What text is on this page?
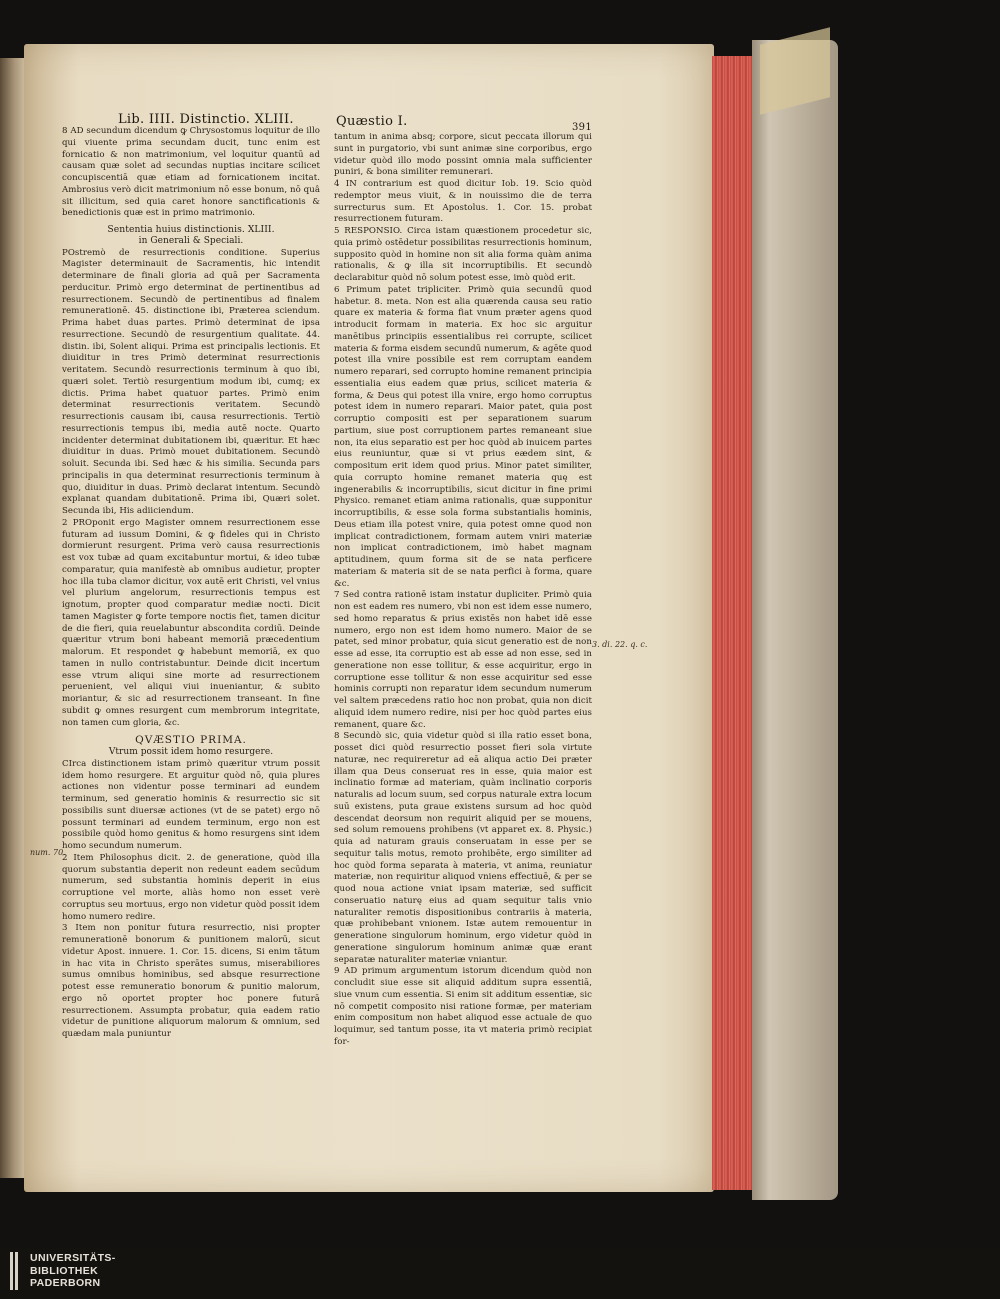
Lib. IIII. Distinctio. XLIII.	Quæstio I.	391

8 AD secundum dicendum ꝙ Chrysostomus loquitur de illo qui viuente prima secundam ducit, tunc enim est fornicatio & non matrimonium, vel loquitur quantū ad causam quæ solet ad secundas nuptias incitare scilicet concupiscentiā quæ etiam ad fornicationem incitat. Ambrosius verò dicit matrimonium nō esse bonum, nō quâ sit illicitum, sed quia caret honore sanctificationis & benedictionis quæ est in primo matrimonio.

Sententia huius distinctionis. XLIII.

in Generali & Speciali.

POstremò de resurrectionis conditione. Superius Magister determinauit de Sacramentis, hic intendit determinare de finali gloria ad quā per Sacramenta perducitur. Primò ergo determinat de pertinentibus ad resurrectionem. Secundò de pertinentibus ad finalem remunerationē. 45. distinctione ibi, Præterea sciendum. Prima habet duas partes. Primò determinat de ipsa resurrectione. Secundò de resurgentium qualitate. 44. distin. ibi, Solent aliqui. Prima est principalis lectionis. Et diuiditur in tres Primò determinat resurrectionis veritatem. Secundò resurrectionis terminum à quo ibi, quæri solet. Tertiò resurgentium modum ibi, cumq; ex dictis. Prima habet quatuor partes. Primò enim determinat resurrectionis veritatem. Secundò resurrectionis causam ibi, causa resurrectionis. Tertiò resurrectionis tempus ibi, media autē nocte. Quarto incidenter determinat dubitationem ibi, quæritur. Et hæc diuiditur in duas. Primò mouet dubitationem. Secundò soluit. Secunda ibi. Sed hæc & his similia. Secunda pars principalis in qua determinat resurrectionis terminum à quo, diuiditur in duas. Primò declarat intentum. Secundò explanat quandam dubitationē. Prima ibi, Quæri solet. Secunda ibi, His adiiciendum.

2 PROponit ergo Magister omnem resurrectionem esse futuram ad iussum Domini, & ꝙ fideles qui in Christo dormierunt resurgent. Prima verò causa resurrectionis est vox tubæ ad quam excitabuntur mortui, & ideo tubæ comparatur, quia manifestè ab omnibus audietur, propter hoc illa tuba clamor dicitur, vox autē erit Christi, vel vnius vel plurium angelorum, resurrectionis tempus est ignotum, propter quod comparatur mediæ nocti. Dicit tamen Magister ꝙ forte tempore noctis fiet, tamen dicitur de die fieri, quia reuelabuntur abscondita cordiū. Deinde quæritur vtrum boni habeant memoriā præcedentium malorum. Et respondet ꝙ habebunt memoriā, ex quo tamen in nullo contristabuntur. Deinde dicit incertum esse vtrum aliqui sine morte ad resurrectionem peruenient, vel aliqui viui inueniantur, & subito moriantur, & sic ad resurrectionem transeant. In fine subdit ꝙ omnes resurgent cum membrorum integritate, non tamen cum gloria, &c.

QVÆSTIO PRIMA.

Vtrum possit idem homo resurgere.

CIrca distinctionem istam primò quæritur vtrum possit idem homo resurgere. Et arguitur quòd nō, quia plures actiones non videntur posse terminari ad eundem terminum, sed generatio hominis & resurrectio sic sit possibilis sunt diuersæ actiones (vt de se patet) ergo nō possunt terminari ad eundem terminum, ergo non est possibile quòd homo genitus & homo resurgens sint idem homo secundum numerum.

2 Item Philosophus dicit. 2. de generatione, quòd illa quorum substantia deperit non redeunt eadem secūdum numerum, sed substantia hominis deperit in eius corruptione vel morte, aliàs homo non esset verè corruptus seu mortuus, ergo non videtur quòd possit idem homo numero redire.

3 Item non ponitur futura resurrectio, nisi propter remunerationē bonorum & punitionem malorū, sicut videtur Apost. innuere. 1. Cor. 15. dicens, Si enim tātum in hac vita in Christo sperātes sumus, miserabiliores sumus omnibus hominibus, sed absque resurrectione potest esse remuneratio bonorum & punitio malorum, ergo nō oportet propter hoc ponere futurā resurrectionem. Assumpta probatur, quia eadem ratio videtur de punitione aliquorum malorum & omnium, sed quædam mala puniuntur

tantum in anima absq; corpore, sicut peccata illorum qui sunt in purgatorio, vbi sunt animæ sine corporibus, ergo videtur quòd illo modo possint omnia mala sufficienter puniri, & bona similiter remunerari.

4 IN contrarium est quod dicitur Iob. 19. Scio quòd redemptor meus viuit, & in nouissimo die de terra surrecturus sum. Et Apostolus. 1. Cor. 15. probat resurrectionem futuram.

5 RESPONSIO. Circa istam quæstionem procedetur sic, quia primò ostēdetur possibilitas resurrectionis hominum, supposito quòd in homine non sit alia forma quàm anima rationalis, & ꝙ illa sit incorruptibilis. Et secundò declarabitur quòd nō solum potest esse, imò quòd erit.

6 Primum patet tripliciter. Primò quia secundū quod habetur. 8. meta. Non est alia quærenda causa seu ratio quare ex materia & forma fiat vnum præter agens quod introducit formam in materia. Ex hoc sic arguitur manētibus principiis essentialibus rei corrupte, scilicet materia & forma eisdem secundū numerum, & agēte quod potest illa vnire possibile est rem corruptam eandem numero reparari, sed corrupto homine remanent principia essentialia eius eadem quæ prius, scilicet materia & forma, & Deus qui potest illa vnire, ergo homo corruptus potest idem in numero reparari. Maior patet, quia post corruptio compositi est per separationem suarum partium, siue post corruptionem partes remaneant siue non, ita eius separatio est per hoc quòd ab inuicem partes eius reuniuntur, quæ si vt prius eædem sint, & compositum erit idem quod prius. Minor patet similiter, quia corrupto homine remanet materia quę est ingenerabilis & incorruptibilis, sicut dicitur in fine primi Physico. remanet etiam anima rationalis, quæ supponitur incorruptibilis, & esse sola forma substantialis hominis, Deus etiam illa potest vnire, quia potest omne quod non implicat contradictionem, formam autem vniri materiæ non implicat contradictionem, imò habet magnam aptitudinem, quum forma sit de se nata perficere materiam & materia sit de se nata perfici à forma, quare &c.

7 Sed contra rationē istam instatur dupliciter. Primò quia non est eadem res numero, vbi non est idem esse numero, sed homo reparatus & prius existēs non habet idē esse numero, ergo non est idem homo numero. Maior de se patet, sed minor probatur, quia sicut generatio est de non esse ad esse, ita corruptio est ab esse ad non esse, sed in generatione non esse tollitur, & esse acquiritur, ergo in corruptione esse tollitur & non esse acquiritur sed esse hominis corrupti non reparatur idem secundum numerum vel saltem præcedens ratio hoc non probat, quia non dicit aliquid idem numero redire, nisi per hoc quòd partes eius remanent, quare &c.

8 Secundò sic, quia videtur quòd si illa ratio esset bona, posset dici quòd resurrectio posset fieri sola virtute naturæ, nec requireretur ad eā aliqua actio Dei præter illam qua Deus conseruat res in esse, quia maior est inclinatio formæ ad materiam, quàm inclinatio corporis naturalis ad locum suum, sed corpus naturale extra locum suū existens, puta graue existens sursum ad hoc quòd descendat deorsum non requirit aliquid per se mouens, sed solum remouens prohibens (vt apparet ex. 8. Physic.) quia ad naturam grauis conseruatam in esse per se sequitur talis motus, remoto prohibēte, ergo similiter ad hoc quòd forma separata à materia, vt anima, reuniatur materiæ, non requiritur aliquod vniens effectiuē, & per se quod noua actione vniat ipsam materiæ, sed sufficit conseruatio naturę eius ad quam sequitur talis vnio naturaliter remotis dispositionibus contrariis à materia, quæ prohibebant vnionem. Istæ autem remouentur in generatione singulorum hominum, ergo videtur quòd in generatione singulorum hominum animæ quæ erant separatæ naturaliter materiæ vniantur.

9 AD primum argumentum istorum dicendum quòd non concludit siue esse sit aliquid additum supra essentiā, siue vnum cum essentia. Si enim sit additum essentiæ, sic nō competit composito nisi ratione formæ, per materiam enim compositum non habet aliquod esse actuale de quo loquimur, sed tantum posse, ita vt materia primò recipiat for-

num. 70.
3. di. 22. q. c.
UNIVERSITÄTS-
BIBLIOTHEK
PADERBORN
